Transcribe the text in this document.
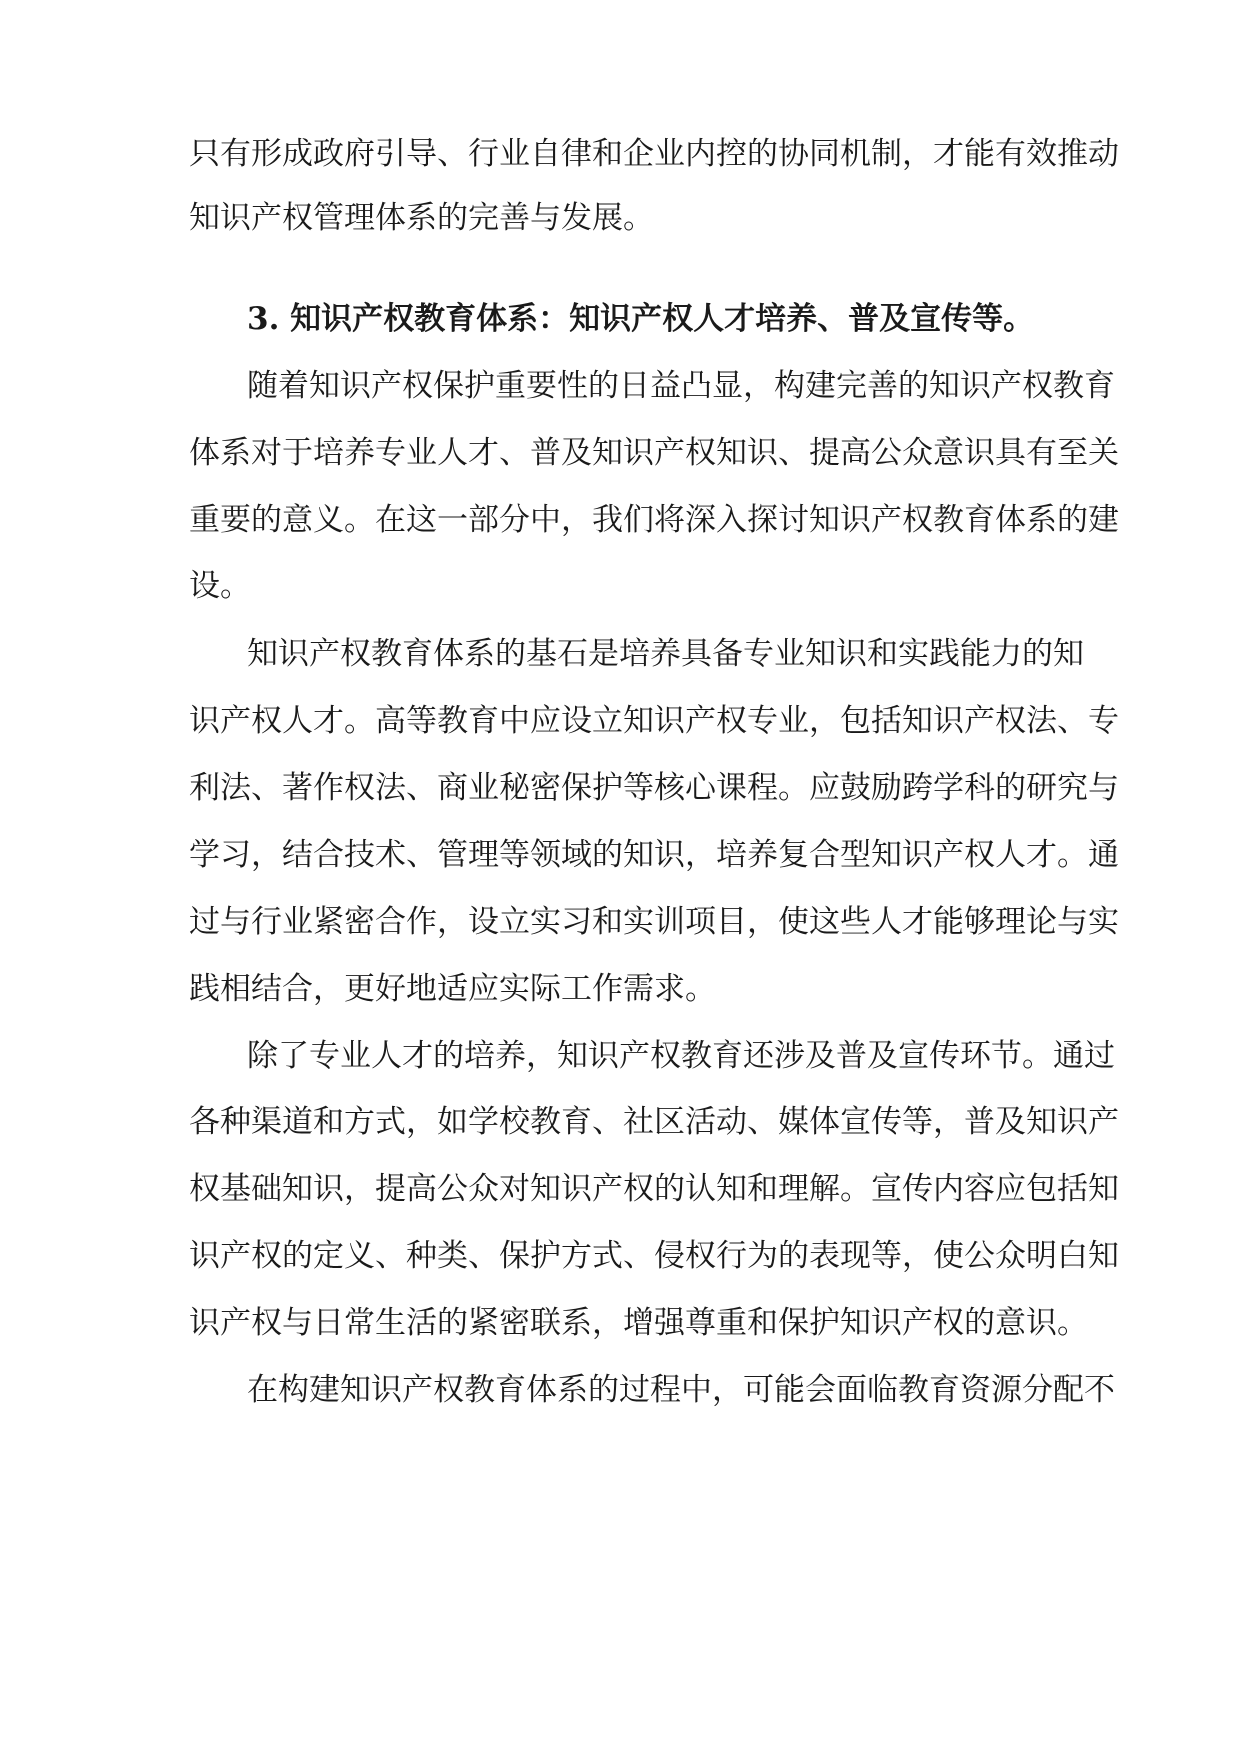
只有形成政府引导、行业自律和企业内控的协同机制，才能有效推动
知识产权管理体系的完善与发展。
3. 知识产权教育体系：知识产权人才培养、普及宣传等。
随着知识产权保护重要性的日益凸显，构建完善的知识产权教育
体系对于培养专业人才、普及知识产权知识、提高公众意识具有至关
重要的意义。在这一部分中，我们将深入探讨知识产权教育体系的建
设。
知识产权教育体系的基石是培养具备专业知识和实践能力的知
识产权人才。高等教育中应设立知识产权专业，包括知识产权法、专
利法、著作权法、商业秘密保护等核心课程。应鼓励跨学科的研究与
学习，结合技术、管理等领域的知识，培养复合型知识产权人才。通
过与行业紧密合作，设立实习和实训项目，使这些人才能够理论与实
践相结合，更好地适应实际工作需求。
除了专业人才的培养，知识产权教育还涉及普及宣传环节。通过
各种渠道和方式，如学校教育、社区活动、媒体宣传等，普及知识产
权基础知识，提高公众对知识产权的认知和理解。宣传内容应包括知
识产权的定义、种类、保护方式、侵权行为的表现等，使公众明白知
识产权与日常生活的紧密联系，增强尊重和保护知识产权的意识。
在构建知识产权教育体系的过程中，可能会面临教育资源分配不
